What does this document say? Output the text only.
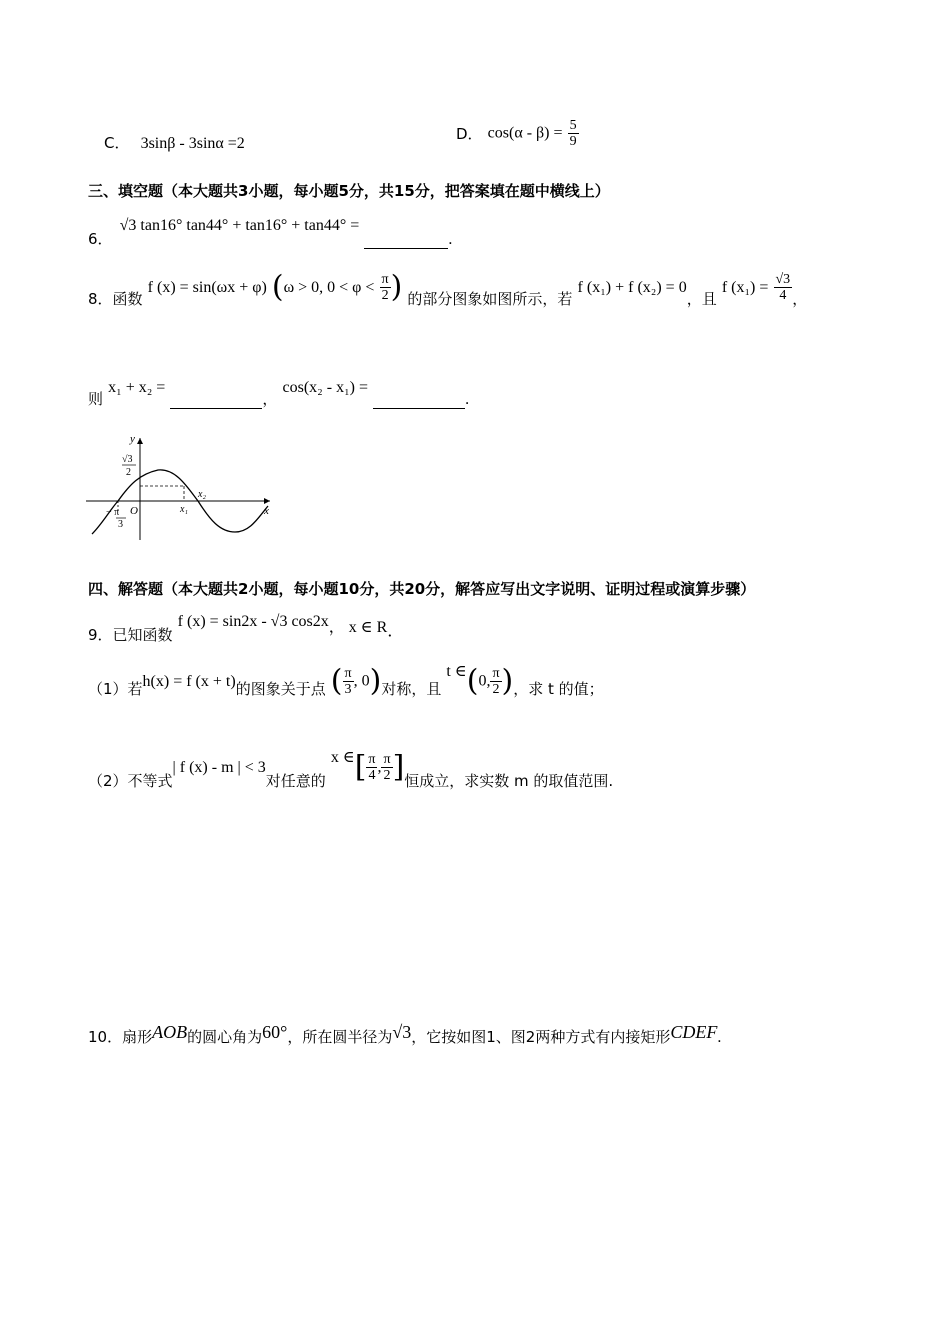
C． 3sinβ - 3sinα =2
D． $\cos(\alpha - \beta) = \frac{5}{9}$
三、填空题（本大题共3小题，每小题5分，共15分，把答案填在题中横线上）
6． √3 tan16° tan44° + tan16° + tan44° = .
8．函数 f (x) = sin(ωx + φ) (ω > 0, $0 < \varphi < \frac{\pi}{2}$ ) 的部分图象如图所示，若 f (x₁) + f (x₂) = 0，且 f $(x_1) = \frac{√3}{4}$ ，
则 x₁ + x₂ = ， cos(x₂ - x₁) = .
y
x
O
√3
2
− π
3
x₁
x₂
四、解答题（本大题共2小题，每小题10分，共20分，解答应写出文字说明、证明过程或演算步骤）
9．已知函数 f (x) = sin2x - √3 cos2x， x ∈ R．
（1）若h(x) = f (x + t)的图象关于点 ( $\frac{\pi}{3}$ , 0)对称，且 t ∈(0, $\frac{\pi}{2}$ )，求 t 的值；
（2）不等式| f (x) - m | < 3对任意的 x ∈[ $\frac{\pi}{4}$ , $\frac{\pi}{2}$ ]恒成立，求实数 m 的取值范围.
10．扇形AOB的圆心角为60°，所在圆半径为√3，它按如图1、图2两种方式有内接矩形CDEF.
